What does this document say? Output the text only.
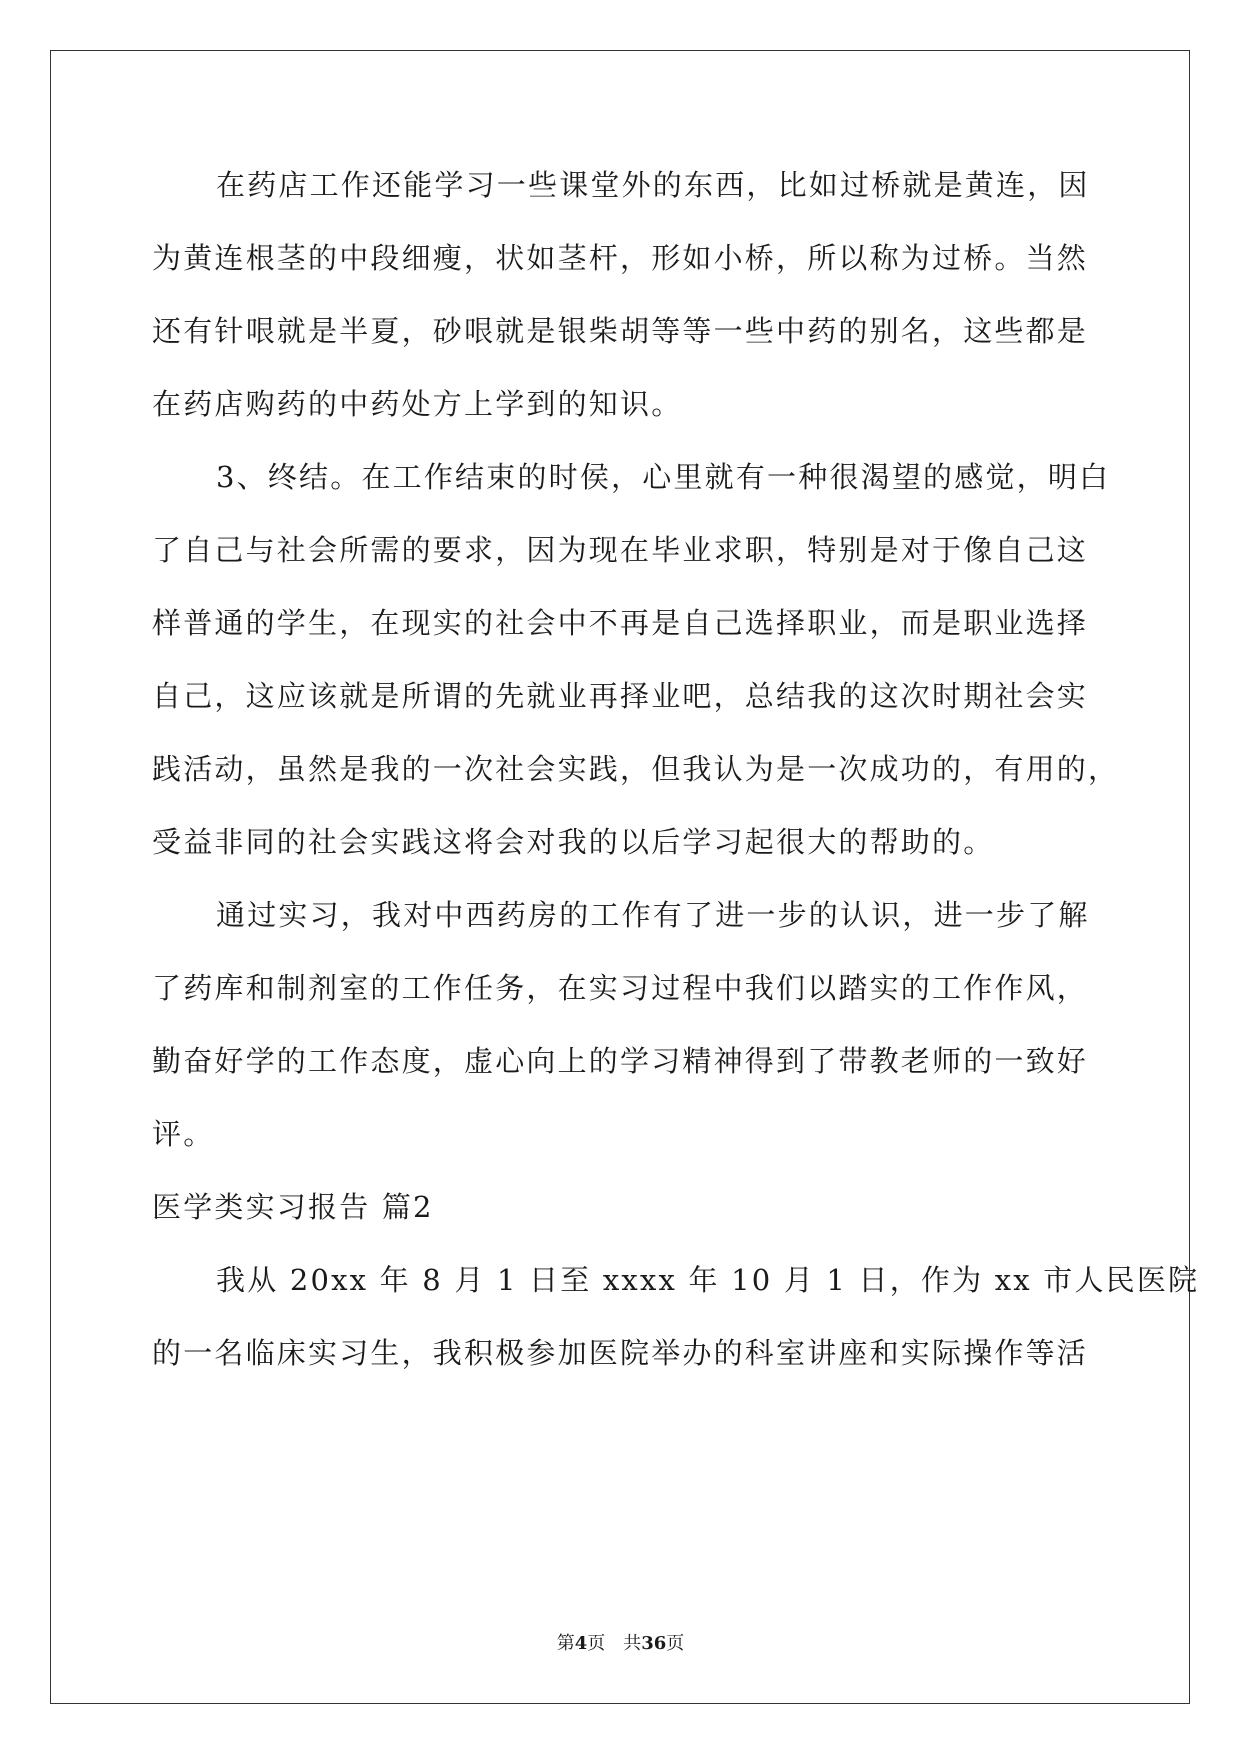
在药店工作还能学习一些课堂外的东西，比如过桥就是黄连，因
为黄连根茎的中段细瘦，状如茎杆，形如小桥，所以称为过桥。当然
还有针哏就是半夏，砂哏就是银柴胡等等一些中药的别名，这些都是
在药店购药的中药处方上学到的知识。
3、终结。在工作结束的时侯，心里就有一种很渴望的感觉，明白
了自己与社会所需的要求，因为现在毕业求职，特别是对于像自己这
样普通的学生，在现实的社会中不再是自己选择职业，而是职业选择
自己，这应该就是所谓的先就业再择业吧，总结我的这次时期社会实
践活动，虽然是我的一次社会实践，但我认为是一次成功的，有用的，
受益非同的社会实践这将会对我的以后学习起很大的帮助的。
通过实习，我对中西药房的工作有了进一步的认识，进一步了解
了药库和制剂室的工作任务，在实习过程中我们以踏实的工作作风，
勤奋好学的工作态度，虚心向上的学习精神得到了带教老师的一致好
评。
医学类实习报告 篇2
我从 20xx 年 8 月 1 日至 xxxx 年 10 月 1 日，作为 xx 市人民医院
的一名临床实习生，我积极参加医院举办的科室讲座和实际操作等活
第4页　共36页
